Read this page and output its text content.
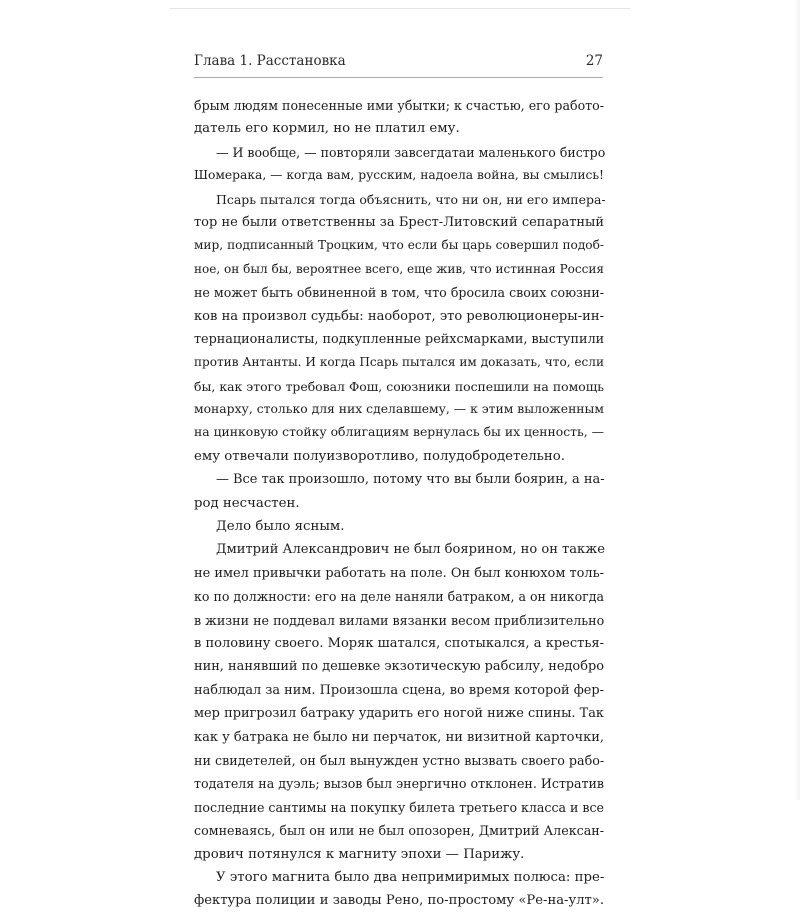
Глава 1. Расстановка	27
брым людям понесенные ими убытки; к счастью, его работо-
датель его кормил, но не платил ему.
— И вообще, — повторяли завсегдатаи маленького бистро
Шомерака, — когда вам, русским, надоела война, вы смылись!
Псарь пытался тогда объяснить, что ни он, ни его импера-
тор не были ответственны за Брест-Литовский сепаратный
мир, подписанный Троцким, что если бы царь совершил подоб-
ное, он был бы, вероятнее всего, еще жив, что истинная Россия
не может быть обвиненной в том, что бросила своих союзни-
ков на произвол судьбы: наоборот, это революционеры-ин-
тернационалисты, подкупленные рейхсмарками, выступили
против Антанты. И когда Псарь пытался им доказать, что, если
бы, как этого требовал Фош, союзники поспешили на помощь
монарху, столько для них сделавшему, — к этим выложенным
на цинковую стойку облигациям вернулась бы их ценность, —
ему отвечали полуизворотливо, полудобродетельно.
— Все так произошло, потому что вы были боярин, а на-
род несчастен.
Дело было ясным.
Дмитрий Александрович не был боярином, но он также
не имел привычки работать на поле. Он был конюхом толь-
ко по должности: его на деле наняли батраком, а он никогда
в жизни не поддевал вилами вязанки весом приблизительно
в половину своего. Моряк шатался, спотыкался, а крестья-
нин, нанявший по дешевке экзотическую рабсилу, недобро
наблюдал за ним. Произошла сцена, во время которой фер-
мер пригрозил батраку ударить его ногой ниже спины. Так
как у батрака не было ни перчаток, ни визитной карточки,
ни свидетелей, он был вынужден устно вызвать своего рабо-
тодателя на дуэль; вызов был энергично отклонен. Истратив
последние сантимы на покупку билета третьего класса и все
сомневаясь, был он или не был опозорен, Дмитрий Алексан-
дрович потянулся к магниту эпохи — Парижу.
У этого магнита было два непримиримых полюса: пре-
фектура полиции и заводы Рено, по-простому «Ре-на-улт».
